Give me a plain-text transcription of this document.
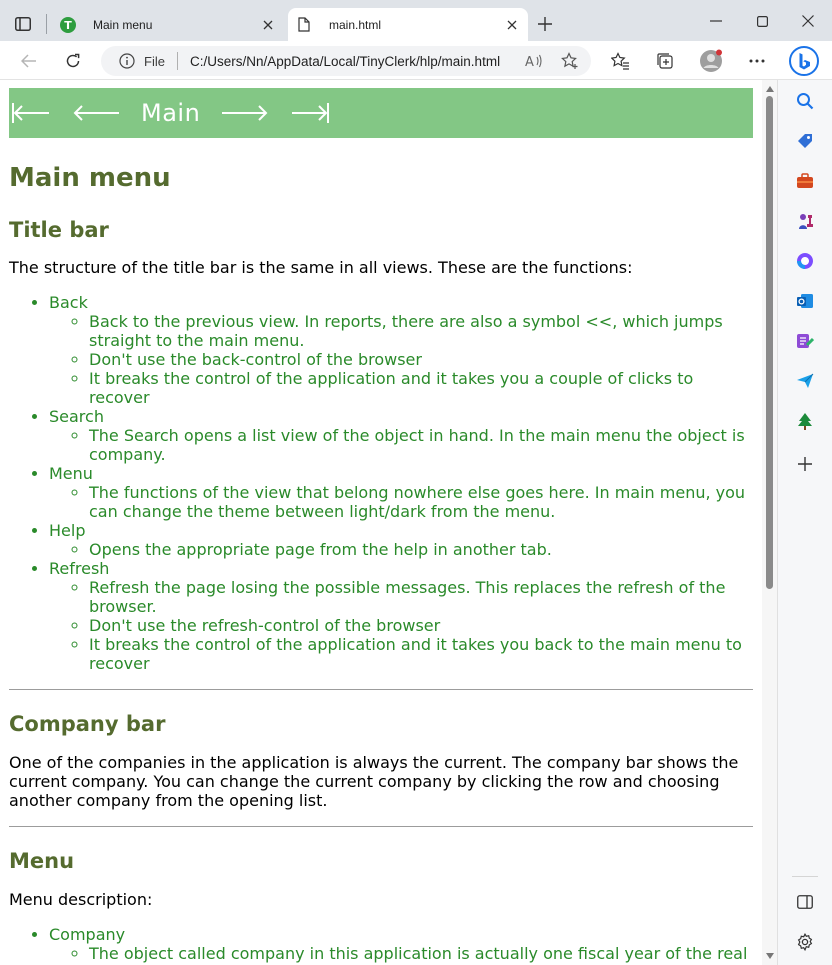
T Main menu	main.html
File C:/Users/Nn/AppData/Local/TinyClerk/hlp/main.html A
Main
Main menu
Title bar

The structure of the title bar is the same in all views. These are the functions:

• Back
◦ Back to the previous view. In reports, there are also a symbol <<, which jumps straight to the main menu.
◦ Don't use the back-control of the browser
◦ It breaks the control of the application and it takes you a couple of clicks to recover
• Search
◦ The Search opens a list view of the object in hand. In the main menu the object is company.
• Menu
◦ The functions of the view that belong nowhere else goes here. In main menu, you can change the theme between light/dark from the menu.
• Help
◦ Opens the appropriate page from the help in another tab.
• Refresh
◦ Refresh the page losing the possible messages. This replaces the refresh of the browser.
◦ Don't use the refresh-control of the browser
◦ It breaks the control of the application and it takes you back to the main menu to recover
Company bar

One of the companies in the application is always the current. The company bar shows the current company. You can change the current company by clicking the row and choosing another company from the opening list.

Menu

Menu description:

• Company
◦ The object called company in this application is actually one fiscal year of the real
